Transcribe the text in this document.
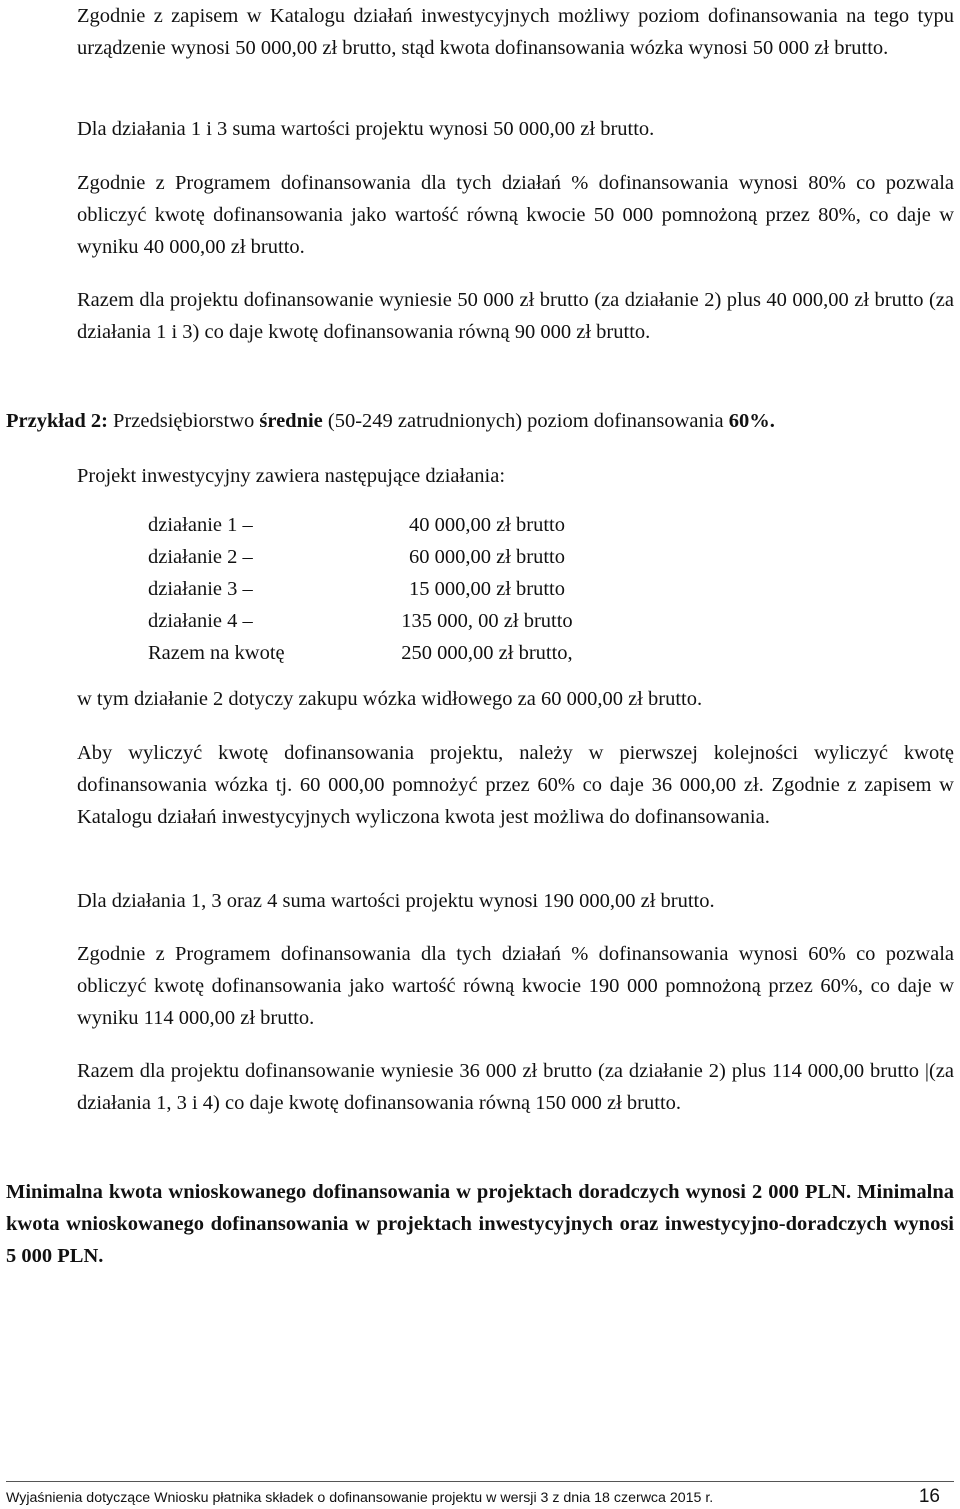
Zgodnie z zapisem w Katalogu działań inwestycyjnych możliwy poziom dofinansowania na tego typu urządzenie wynosi 50 000,00 zł brutto, stąd kwota dofinansowania wózka wynosi 50 000 zł brutto.

Dla działania 1 i 3 suma wartości projektu wynosi 50 000,00 zł brutto.

Zgodnie z Programem dofinansowania dla tych działań % dofinansowania wynosi 80% co pozwala obliczyć kwotę dofinansowania jako wartość równą kwocie 50 000 pomnożoną przez 80%, co daje w wyniku 40 000,00 zł brutto.

Razem dla projektu dofinansowanie wyniesie 50 000 zł brutto (za działanie 2) plus 40 000,00 zł brutto (za działania 1 i 3) co daje kwotę dofinansowania równą 90 000 zł brutto.

Przykład 2: Przedsiębiorstwo średnie (50-249 zatrudnionych) poziom dofinansowania 60%.

Projekt inwestycyjny zawiera następujące działania:

działanie 1 –	40 000,00 zł brutto
działanie 2 –	60 000,00 zł brutto
działanie 3 –	15 000,00 zł brutto
działanie 4 –	135 000, 00 zł brutto
Razem na kwotę	250 000,00 zł brutto,

w tym działanie 2 dotyczy zakupu wózka widłowego za 60 000,00 zł brutto.

Aby wyliczyć kwotę dofinansowania projektu, należy w pierwszej kolejności wyliczyć kwotę dofinansowania wózka tj. 60 000,00 pomnożyć przez 60% co daje 36 000,00 zł. Zgodnie z zapisem w Katalogu działań inwestycyjnych wyliczona kwota jest możliwa do dofinansowania.

Dla działania 1, 3 oraz 4 suma wartości projektu wynosi 190 000,00 zł brutto.

Zgodnie z Programem dofinansowania dla tych działań % dofinansowania wynosi 60% co pozwala obliczyć kwotę dofinansowania jako wartość równą kwocie 190 000 pomnożoną przez 60%, co daje w wyniku 114 000,00 zł brutto.

Razem dla projektu dofinansowanie wyniesie 36 000 zł brutto (za działanie 2) plus 114 000,00 brutto |(za działania 1, 3 i 4) co daje kwotę dofinansowania równą 150 000 zł brutto.

Minimalna kwota wnioskowanego dofinansowania w projektach doradczych wynosi 2 000 PLN. Minimalna kwota wnioskowanego dofinansowania w projektach inwestycyjnych oraz inwestycyjno-doradczych wynosi 5 000 PLN.

Wyjaśnienia dotyczące Wniosku płatnika składek o dofinansowanie projektu w wersji 3 z dnia 18 czerwca 2015 r.	16
